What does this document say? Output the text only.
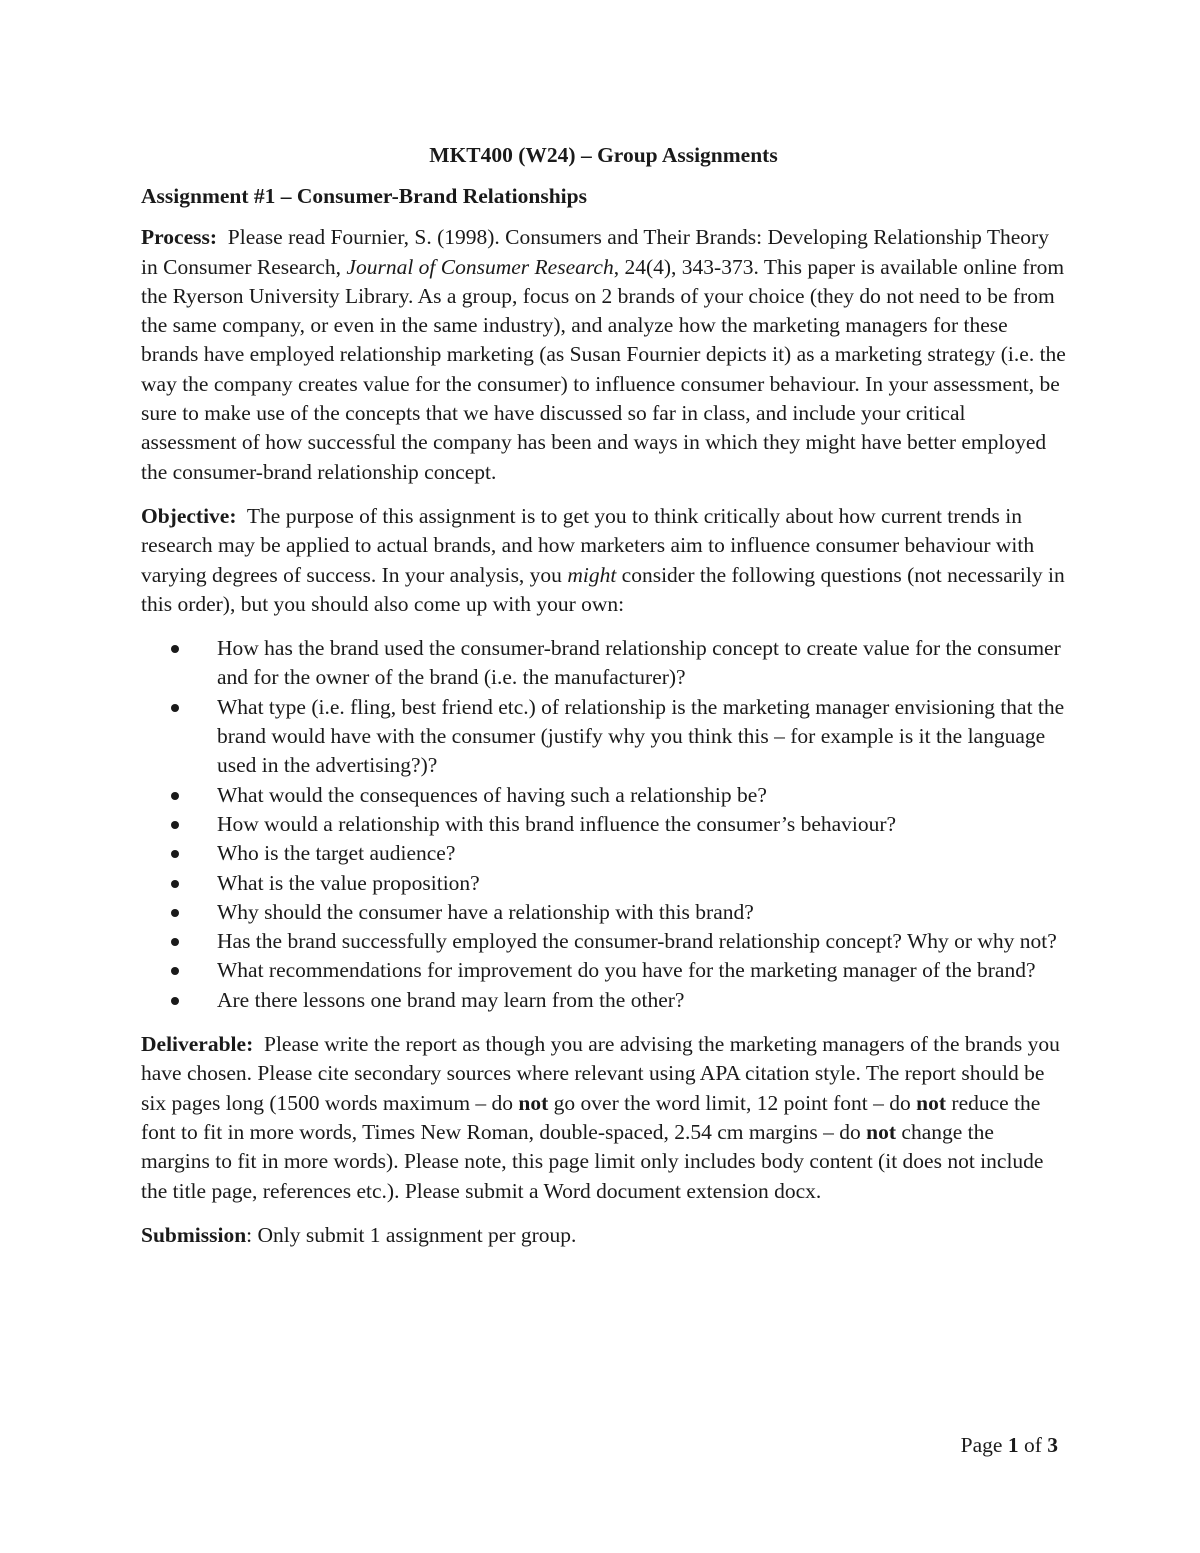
MKT400 (W24) – Group Assignments
Assignment #1 – Consumer-Brand Relationships

Process: Please read Fournier, S. (1998). Consumers and Their Brands: Developing Relationship Theory in Consumer Research, Journal of Consumer Research, 24(4), 343-373. This paper is available online from the Ryerson University Library. As a group, focus on 2 brands of your choice (they do not need to be from the same company, or even in the same industry), and analyze how the marketing managers for these brands have employed relationship marketing (as Susan Fournier depicts it) as a marketing strategy (i.e. the way the company creates value for the consumer) to influence consumer behaviour. In your assessment, be sure to make use of the concepts that we have discussed so far in class, and include your critical assessment of how successful the company has been and ways in which they might have better employed the consumer-brand relationship concept.

Objective: The purpose of this assignment is to get you to think critically about how current trends in research may be applied to actual brands, and how marketers aim to influence consumer behaviour with varying degrees of success. In your analysis, you might consider the following questions (not necessarily in this order), but you should also come up with your own:

How has the brand used the consumer-brand relationship concept to create value for the consumer and for the owner of the brand (i.e. the manufacturer)?
What type (i.e. fling, best friend etc.) of relationship is the marketing manager envisioning that the brand would have with the consumer (justify why you think this – for example is it the language used in the advertising?)?
What would the consequences of having such a relationship be?
How would a relationship with this brand influence the consumer’s behaviour?
Who is the target audience?
What is the value proposition?
Why should the consumer have a relationship with this brand?
Has the brand successfully employed the consumer-brand relationship concept? Why or why not?
What recommendations for improvement do you have for the marketing manager of the brand?
Are there lessons one brand may learn from the other?

Deliverable: Please write the report as though you are advising the marketing managers of the brands you have chosen. Please cite secondary sources where relevant using APA citation style. The report should be six pages long (1500 words maximum – do not go over the word limit, 12 point font – do not reduce the font to fit in more words, Times New Roman, double-spaced, 2.54 cm margins – do not change the margins to fit in more words). Please note, this page limit only includes body content (it does not include the title page, references etc.). Please submit a Word document extension docx.

Submission: Only submit 1 assignment per group.

Page 1 of 3
